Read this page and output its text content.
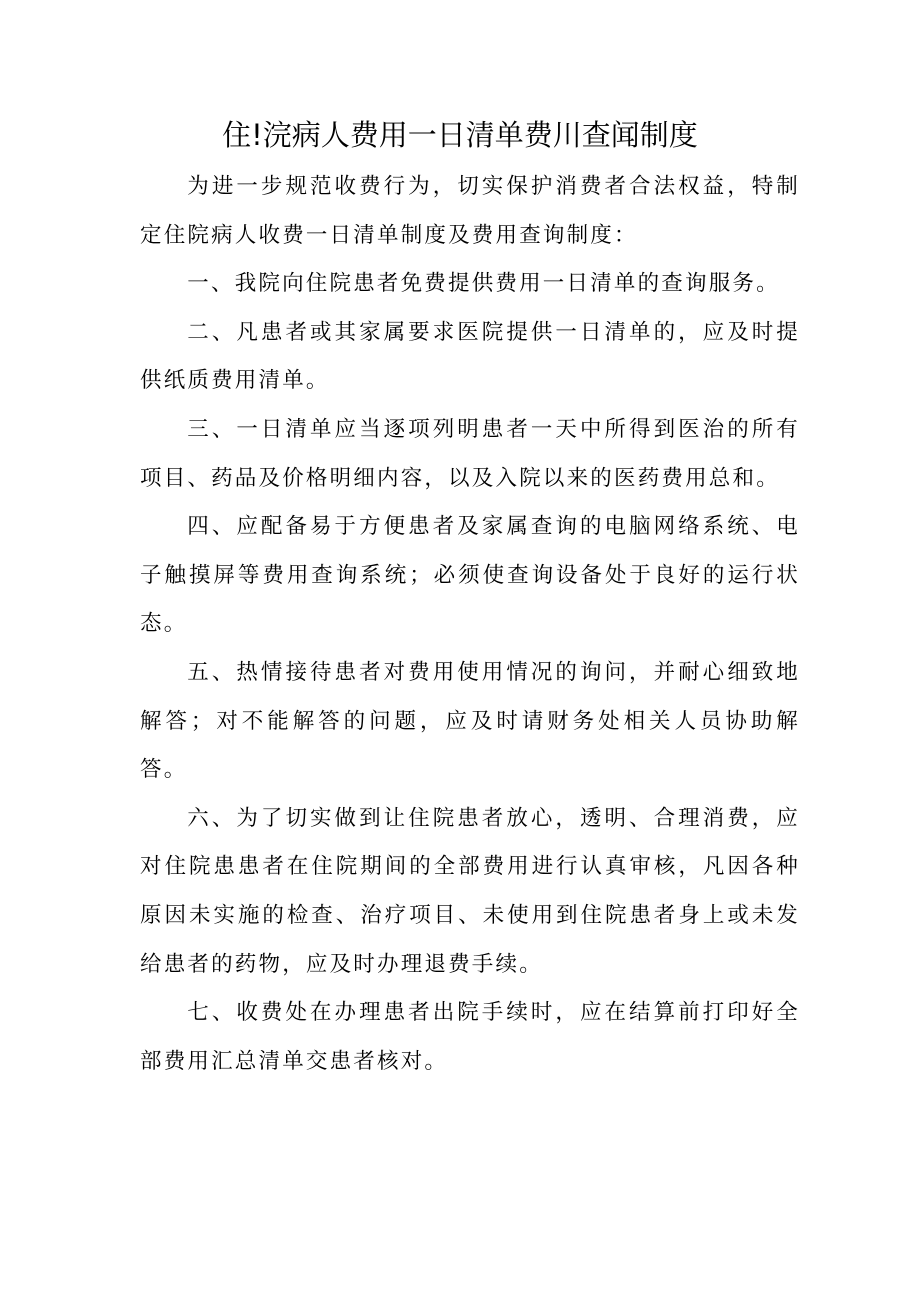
住!浣病人费用一日清单费川查闻制度

为进一步规范收费行为，切实保护消费者合法权益，特制定住院病人收费一日清单制度及费用查询制度：

一、我院向住院患者免费提供费用一日清单的查询服务。

二、凡患者或其家属要求医院提供一日清单的，应及时提供纸质费用清单。

三、一日清单应当逐项列明患者一天中所得到医治的所有项目、药品及价格明细内容，以及入院以来的医药费用总和。

四、应配备易于方便患者及家属查询的电脑网络系统、电子触摸屏等费用查询系统；必须使查询设备处于良好的运行状态。

五、热情接待患者对费用使用情况的询问，并耐心细致地解答；对不能解答的问题，应及时请财务处相关人员协助解答。

六、为了切实做到让住院患者放心，透明、合理消费，应对住院患患者在住院期间的全部费用进行认真审核，凡因各种原因未实施的检查、治疗项目、未使用到住院患者身上或未发给患者的药物，应及时办理退费手续。

七、收费处在办理患者出院手续时，应在结算前打印好全部费用汇总清单交患者核对。
